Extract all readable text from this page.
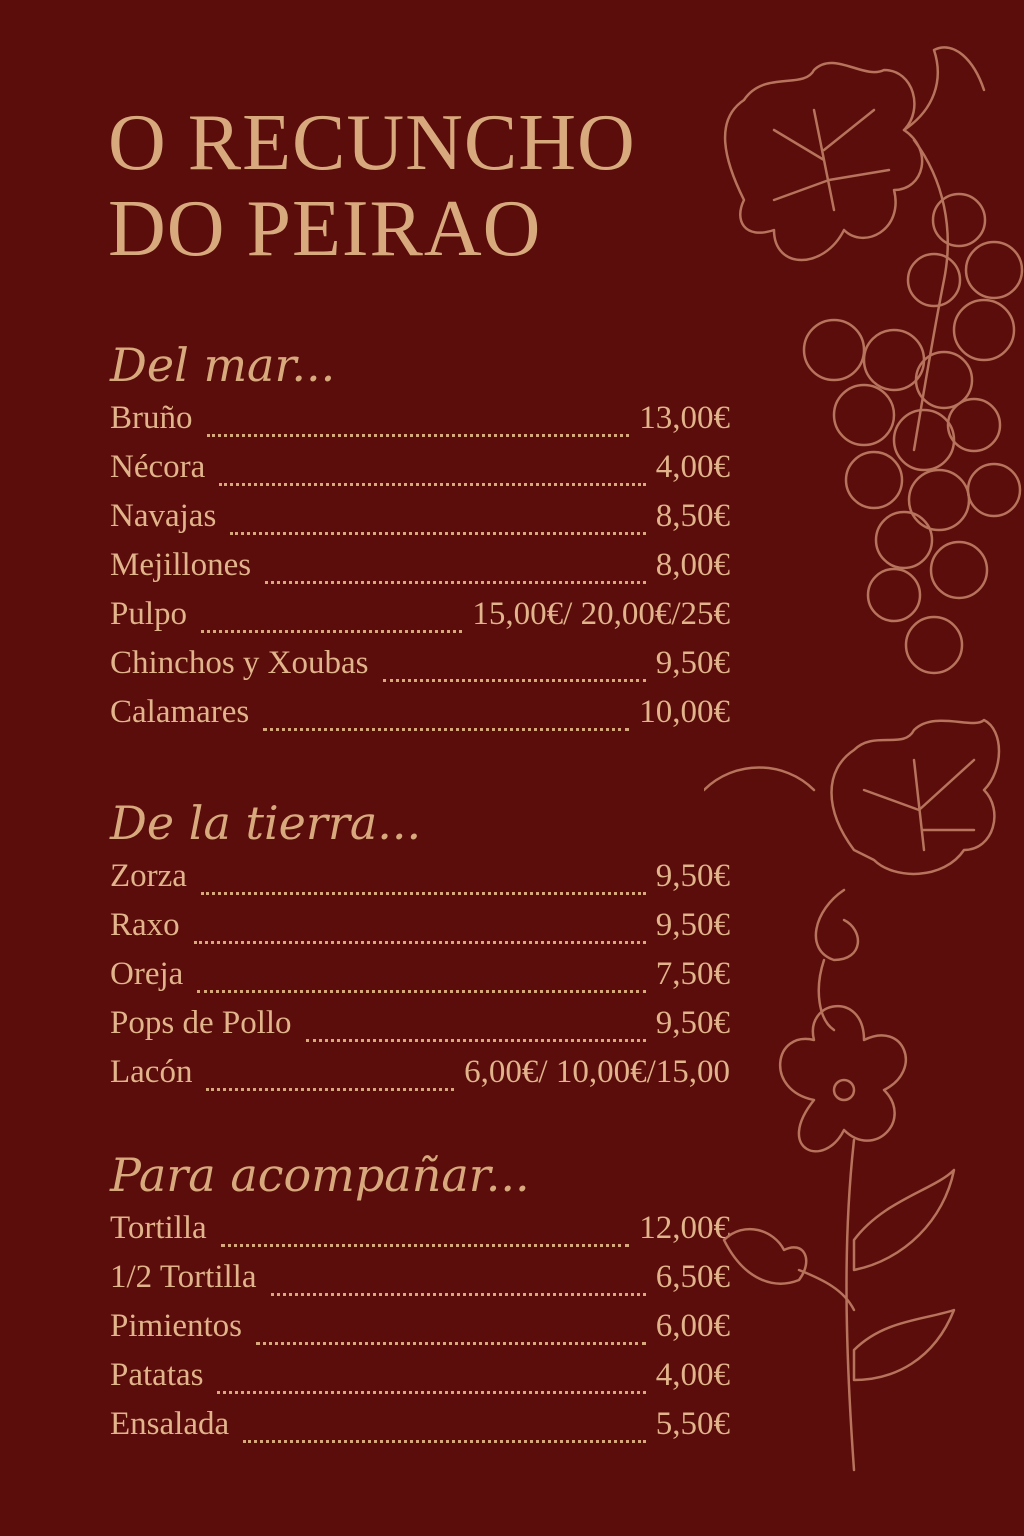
O RECUNCHO
DO PEIRAO
Del mar...
Bruño	13,00€
Nécora	4,00€
Navajas	8,50€
Mejillones	8,00€
Pulpo	15,00€/ 20,00€/25€
Chinchos y Xoubas	9,50€
Calamares	10,00€
De la tierra...
Zorza	9,50€
Raxo	9,50€
Oreja	7,50€
Pops de Pollo	9,50€
Lacón	6,00€/ 10,00€/15,00
Para acompañar...
Tortilla	12,00€
1/2 Tortilla	6,50€
Pimientos	6,00€
Patatas	4,00€
Ensalada	5,50€
